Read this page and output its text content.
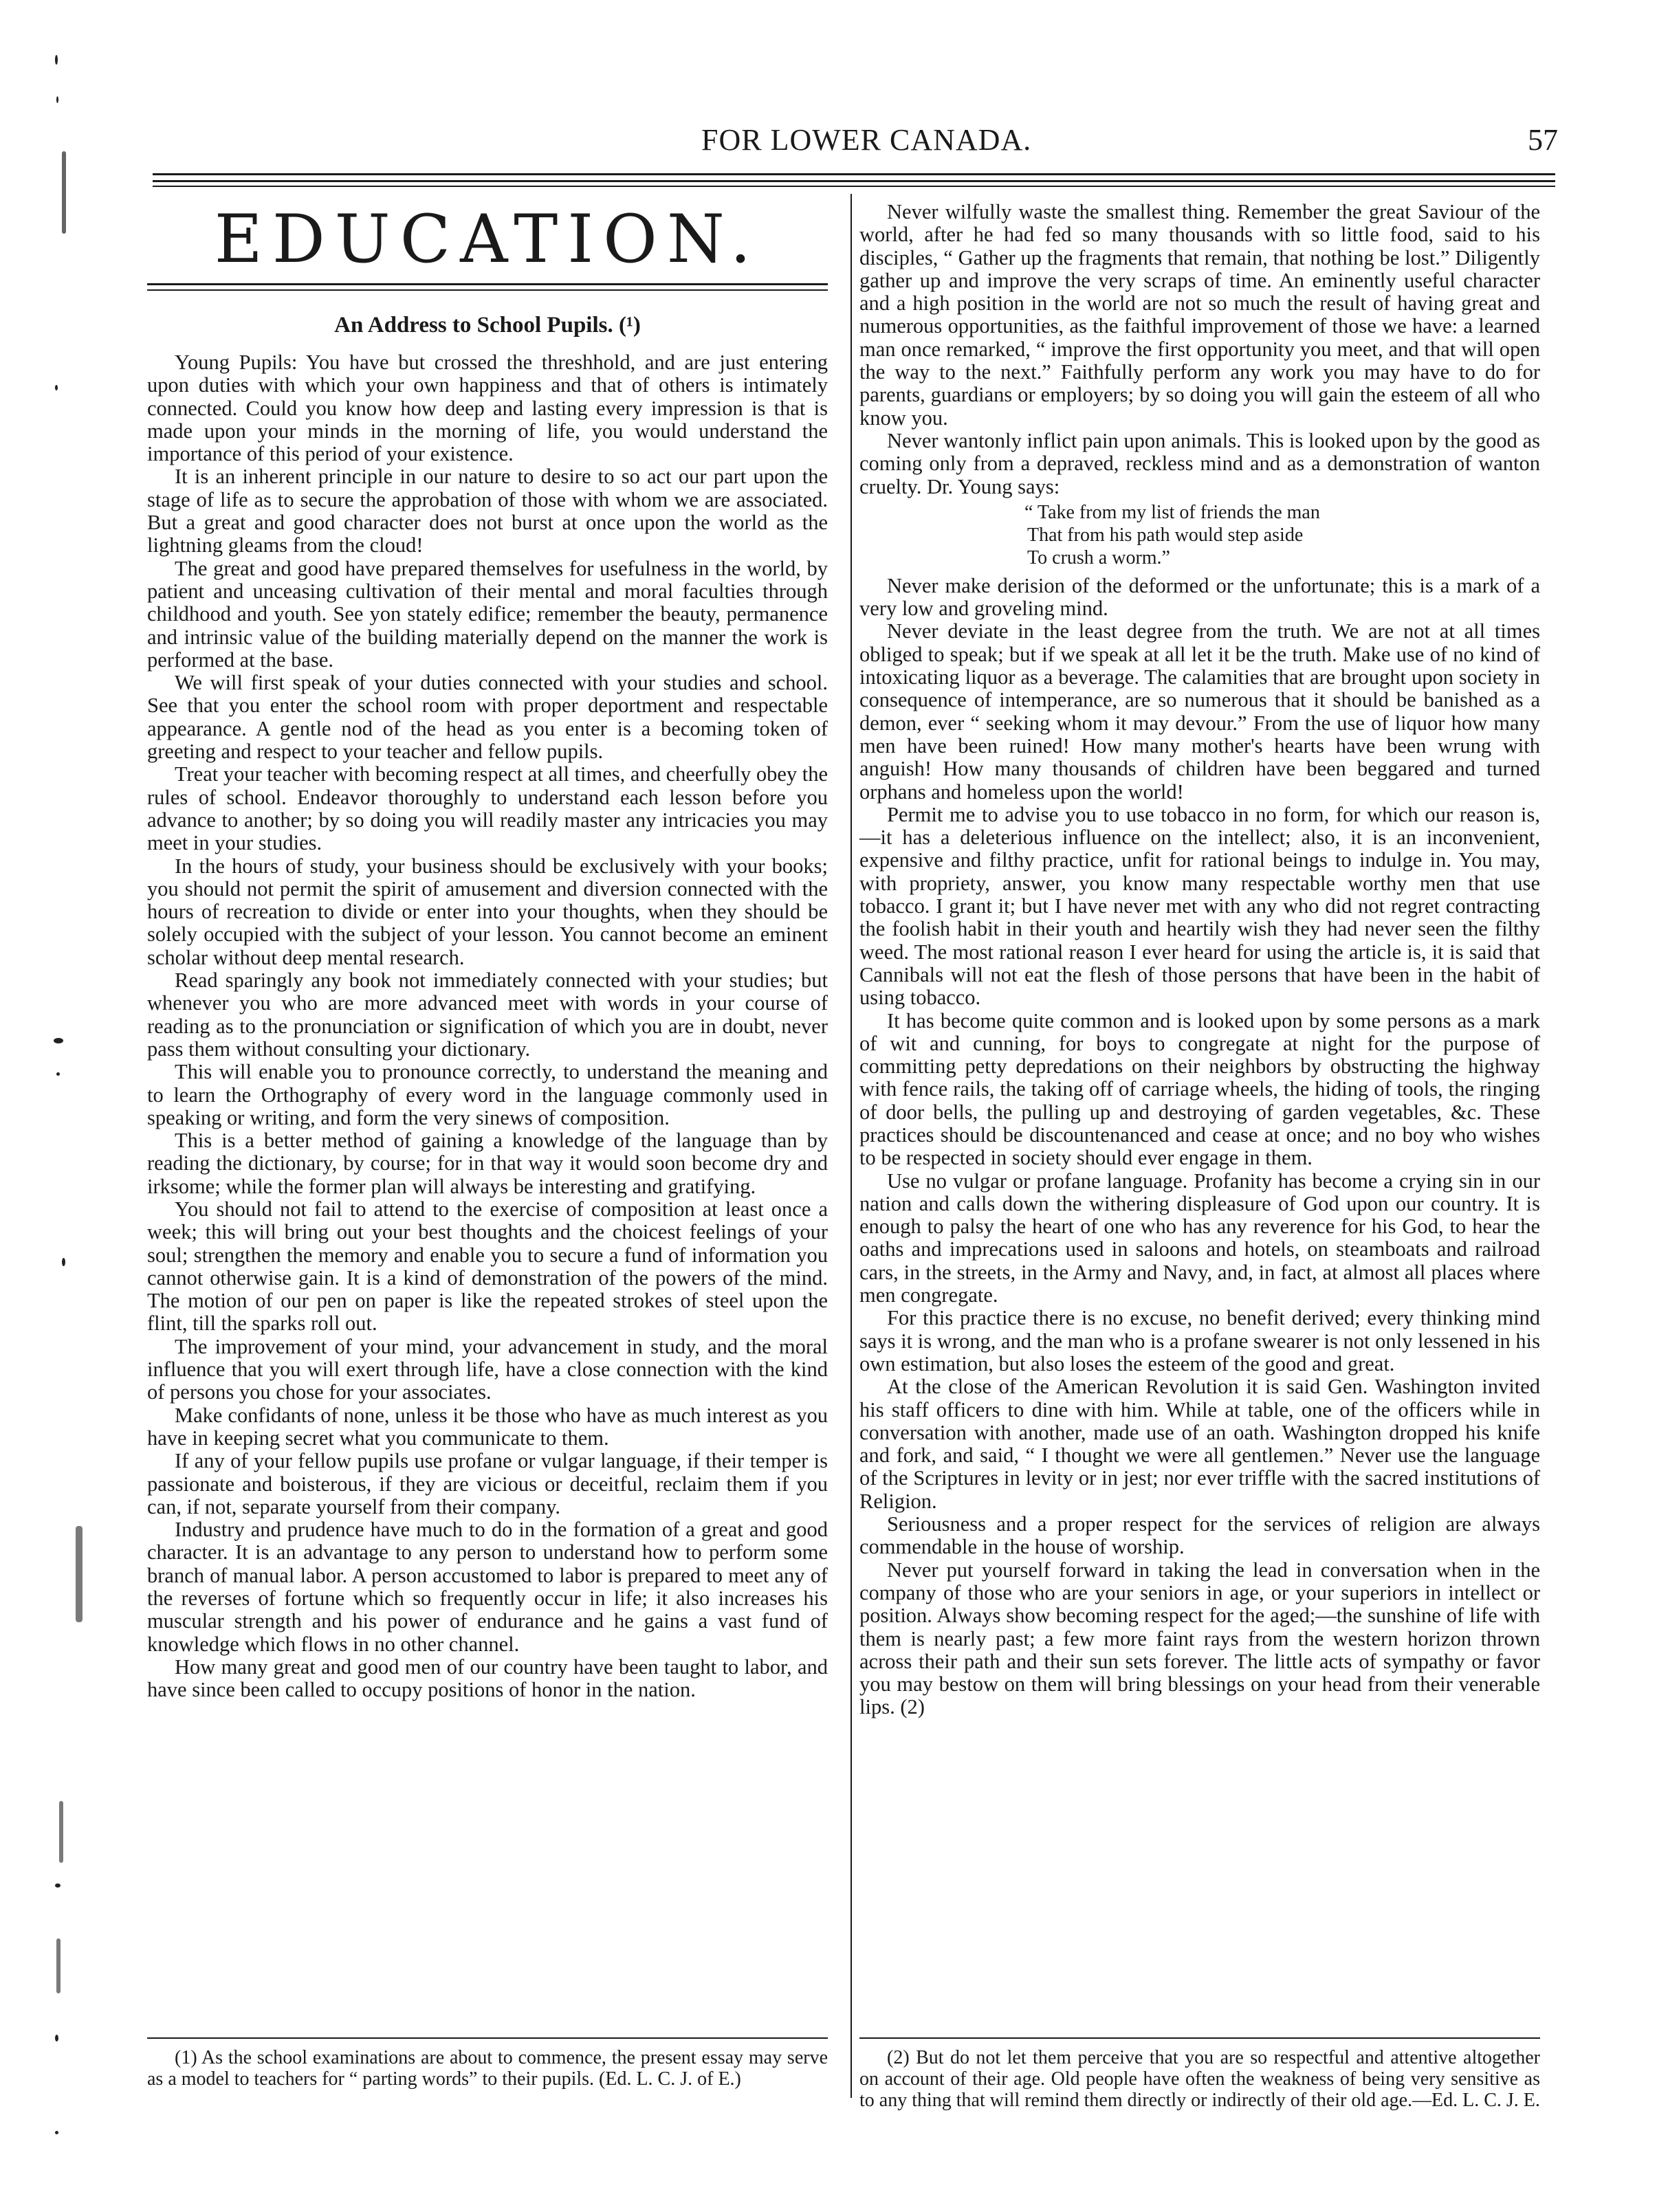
FOR LOWER CANADA.	57
EDUCATION.
An Address to School Pupils. (¹)

Young Pupils: You have but crossed the threshhold, and are just entering upon duties with which your own happiness and that of others is intimately connected. Could you know how deep and lasting every impression is that is made upon your minds in the morning of life, you would understand the importance of this period of your existence.

It is an inherent principle in our nature to desire to so act our part upon the stage of life as to secure the approbation of those with whom we are associated. But a great and good character does not burst at once upon the world as the lightning gleams from the cloud!

The great and good have prepared themselves for usefulness in the world, by patient and unceasing cultivation of their mental and moral faculties through childhood and youth. See yon stately edifice; remember the beauty, permanence and intrinsic value of the building materially depend on the manner the work is performed at the base.

We will first speak of your duties connected with your studies and school. See that you enter the school room with proper deportment and respectable appearance. A gentle nod of the head as you enter is a becoming token of greeting and respect to your teacher and fellow pupils.

Treat your teacher with becoming respect at all times, and cheerfully obey the rules of school. Endeavor thoroughly to understand each lesson before you advance to another; by so doing you will readily master any intricacies you may meet in your studies.

In the hours of study, your business should be exclusively with your books; you should not permit the spirit of amusement and diversion connected with the hours of recreation to divide or enter into your thoughts, when they should be solely occupied with the subject of your lesson. You cannot become an eminent scholar without deep mental research.

Read sparingly any book not immediately connected with your studies; but whenever you who are more advanced meet with words in your course of reading as to the pronunciation or signification of which you are in doubt, never pass them without consulting your dictionary.

This will enable you to pronounce correctly, to understand the meaning and to learn the Orthography of every word in the language commonly used in speaking or writing, and form the very sinews of composition.

This is a better method of gaining a knowledge of the language than by reading the dictionary, by course; for in that way it would soon become dry and irksome; while the former plan will always be interesting and gratifying.

You should not fail to attend to the exercise of composition at least once a week; this will bring out your best thoughts and the choicest feelings of your soul; strengthen the memory and enable you to secure a fund of information you cannot otherwise gain. It is a kind of demonstration of the powers of the mind. The motion of our pen on paper is like the repeated strokes of steel upon the flint, till the sparks roll out.

The improvement of your mind, your advancement in study, and the moral influence that you will exert through life, have a close connection with the kind of persons you chose for your associates.

Make confidants of none, unless it be those who have as much interest as you have in keeping secret what you communicate to them.

If any of your fellow pupils use profane or vulgar language, if their temper is passionate and boisterous, if they are vicious or deceitful, reclaim them if you can, if not, separate yourself from their company.

Industry and prudence have much to do in the formation of a great and good character. It is an advantage to any person to understand how to perform some branch of manual labor. A person accustomed to labor is prepared to meet any of the reverses of fortune which so frequently occur in life; it also increases his muscular strength and his power of endurance and he gains a vast fund of knowledge which flows in no other channel.

How many great and good men of our country have been taught to labor, and have since been called to occupy positions of honor in the nation.

Never wilfully waste the smallest thing. Remember the great Saviour of the world, after he had fed so many thousands with so little food, said to his disciples, “ Gather up the fragments that remain, that nothing be lost.” Diligently gather up and improve the very scraps of time. An eminently useful character and a high position in the world are not so much the result of having great and numerous opportunities, as the faithful improvement of those we have: a learned man once remarked, “ improve the first opportunity you meet, and that will open the way to the next.” Faithfully perform any work you may have to do for parents, guardians or employers; by so doing you will gain the esteem of all who know you.

Never wantonly inflict pain upon animals. This is looked upon by the good as coming only from a depraved, reckless mind and as a demonstration of wanton cruelty. Dr. Young says:

“ Take from my list of friends the man
That from his path would step aside
To crush a worm.”

Never make derision of the deformed or the unfortunate; this is a mark of a very low and groveling mind.

Never deviate in the least degree from the truth. We are not at all times obliged to speak; but if we speak at all let it be the truth. Make use of no kind of intoxicating liquor as a beverage. The calamities that are brought upon society in consequence of intemperance, are so numerous that it should be banished as a demon, ever “ seeking whom it may devour.” From the use of liquor how many men have been ruined! How many mother's hearts have been wrung with anguish! How many thousands of children have been beggared and turned orphans and homeless upon the world!

Permit me to advise you to use tobacco in no form, for which our reason is, —it has a deleterious influence on the intellect; also, it is an inconvenient, expensive and filthy practice, unfit for rational beings to indulge in. You may, with propriety, answer, you know many respectable worthy men that use tobacco. I grant it; but I have never met with any who did not regret contracting the foolish habit in their youth and heartily wish they had never seen the filthy weed. The most rational reason I ever heard for using the article is, it is said that Cannibals will not eat the flesh of those persons that have been in the habit of using tobacco.

It has become quite common and is looked upon by some persons as a mark of wit and cunning, for boys to congregate at night for the purpose of committing petty depredations on their neighbors by obstructing the highway with fence rails, the taking off of carriage wheels, the hiding of tools, the ringing of door bells, the pulling up and destroying of garden vegetables, &c. These practices should be discountenanced and cease at once; and no boy who wishes to be respected in society should ever engage in them.

Use no vulgar or profane language. Profanity has become a crying sin in our nation and calls down the withering displeasure of God upon our country. It is enough to palsy the heart of one who has any reverence for his God, to hear the oaths and imprecations used in saloons and hotels, on steamboats and railroad cars, in the streets, in the Army and Navy, and, in fact, at almost all places where men congregate.

For this practice there is no excuse, no benefit derived; every thinking mind says it is wrong, and the man who is a profane swearer is not only lessened in his own estimation, but also loses the esteem of the good and great.

At the close of the American Revolution it is said Gen. Washington invited his staff officers to dine with him. While at table, one of the officers while in conversation with another, made use of an oath. Washington dropped his knife and fork, and said, “ I thought we were all gentlemen.” Never use the language of the Scriptures in levity or in jest; nor ever triffle with the sacred institutions of Religion.

Seriousness and a proper respect for the services of religion are always commendable in the house of worship.

Never put yourself forward in taking the lead in conversation when in the company of those who are your seniors in age, or your superiors in intellect or position. Always show becoming respect for the aged;—the sunshine of life with them is nearly past; a few more faint rays from the western horizon thrown across their path and their sun sets forever. The little acts of sympathy or favor you may bestow on them will bring blessings on your head from their venerable lips. (2)

(1) As the school examinations are about to commence, the present essay may serve as a model to teachers for “ parting words” to their pupils. (Ed. L. C. J. of E.)

(2) But do not let them perceive that you are so respectful and attentive altogether on account of their age. Old people have often the weakness of being very sensitive as to any thing that will remind them directly or indirectly of their old age.—Ed. L. C. J. E.
